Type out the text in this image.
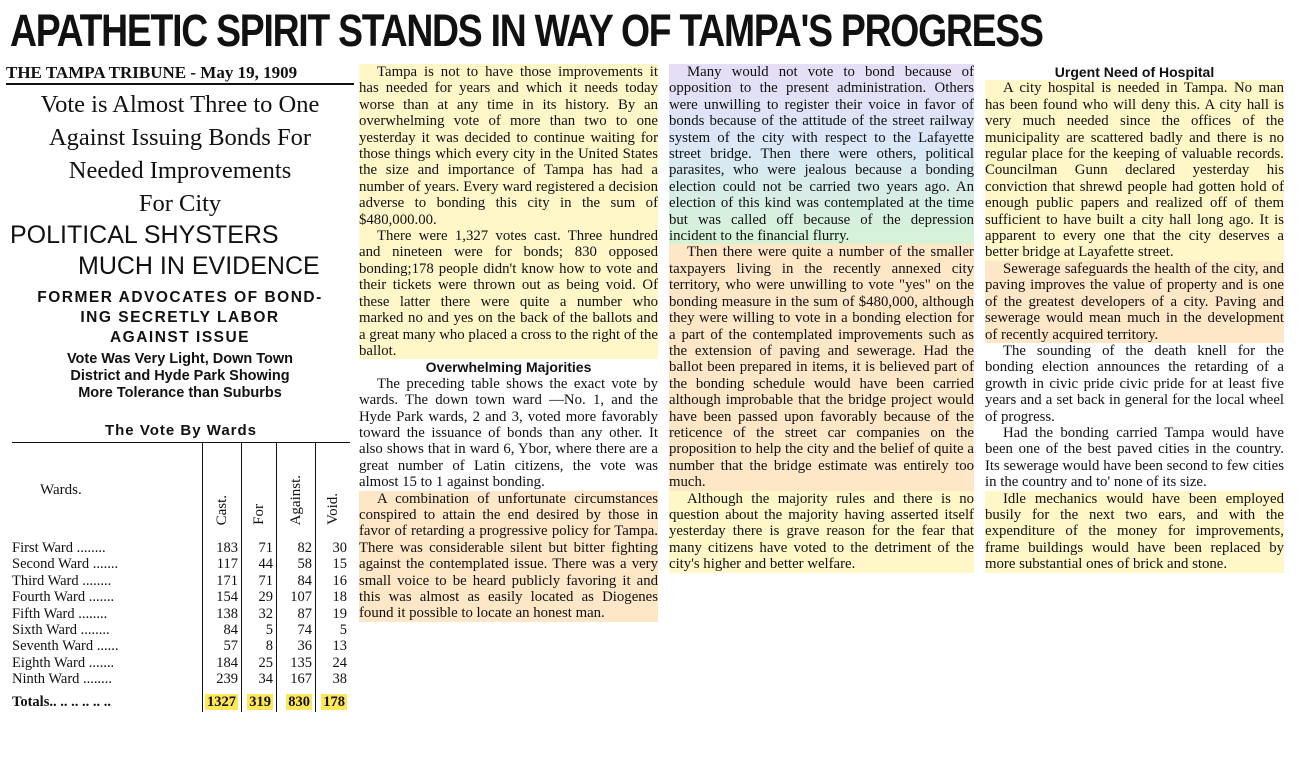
APATHETIC SPIRIT STANDS IN WAY OF TAMPA'S PROGRESS
THE TAMPA TRIBUNE - May 19, 1909
Vote is Almost Three to One
Against Issuing Bonds For
Needed Improvements
For City
POLITICAL SHYSTERS
MUCH IN EVIDENCE
FORMER ADVOCATES OF BOND-
ING SECRETLY LABOR
AGAINST ISSUE
Vote Was Very Light, Down Town
District and Hyde Park Showing
More Tolerance than Suburbs
The Vote By Wards
Wards.	Cast.	For	Against.	Void.
First Ward ........	183	71	82	30
Second Ward .......	117	44	58	15
Third Ward ........	171	71	84	16
Fourth Ward .......	154	29	107	18
Fifth Ward ........	138	32	87	19
Sixth Ward ........	84	5	74	5
Seventh Ward ......	57	8	36	13
Eighth Ward .......	184	25	135	24
Ninth Ward ........	239	34	167	38
Totals.. .. .. .. .. ..	1327	319	830	178

Tampa is not to have those improvements it has needed for years and which it needs today worse than at any time in its history. By an overwhelming vote of more than two to one yesterday it was decided to continue waiting for those things which every city in the United States the size and importance of Tampa has had a number of years. Every ward registered a decision adverse to bonding this city in the sum of $480,000.00.

There were 1,327 votes cast. Three hundred and nineteen were for bonds; 830 opposed bonding;178 people didn't know how to vote and their tickets were thrown out as being void. Of these latter there were quite a number who marked no and yes on the back of the ballots and a great many who placed a cross to the right of the ballot.

Overwhelming Majorities

The preceding table shows the exact vote by wards. The down town ward —No. 1, and the Hyde Park wards, 2 and 3, voted more favorably toward the issuance of bonds than any other. It also shows that in ward 6, Ybor, where there are a great number of Latin citizens, the vote was almost 15 to 1 against bonding.

A combination of unfortunate circumstances conspired to attain the end desired by those in favor of retarding a progressive policy for Tampa. There was considerable silent but bitter fighting against the contemplated issue. There was a very small voice to be heard publicly favoring it and this was almost as easily located as Diogenes found it possible to locate an honest man.

Many would not vote to bond because of opposition to the present administration. Others were unwilling to register their voice in favor of bonds because of the attitude of the street railway system of the city with respect to the Lafayette street bridge. Then there were others, political parasites, who were jealous because a bonding election could not be carried two years ago. An election of this kind was contemplated at the time but was called off because of the depression incident to the financial flurry.

Then there were quite a number of the smaller taxpayers living in the recently annexed city territory, who were unwilling to vote "yes" on the bonding measure in the sum of $480,000, although they were willing to vote in a bonding election for a part of the contemplated improvements such as the extension of paving and sewerage. Had the ballot been prepared in items, it is believed part of the bonding schedule would have been carried although improbable that the bridge project would have been passed upon favorably because of the reticence of the street car companies on the proposition to help the city and the belief of quite a number that the bridge estimate was entirely too much.

Although the majority rules and there is no question about the majority having asserted itself yesterday there is grave reason for the fear that many citizens have voted to the detriment of the city's higher and better welfare.

Urgent Need of Hospital

A city hospital is needed in Tampa. No man has been found who will deny this. A city hall is very much needed since the offices of the municipality are scattered badly and there is no regular place for the keeping of valuable records. Councilman Gunn declared yesterday his conviction that shrewd people had gotten hold of enough public papers and realized off of them sufficient to have built a city hall long ago. It is apparent to every one that the city deserves a better bridge at Layafette street.

Sewerage safeguards the health of the city, and paving improves the value of property and is one of the greatest developers of a city. Paving and sewerage would mean much in the development of recently acquired territory.

The sounding of the death knell for the bonding election announces the retarding of a growth in civic pride civic pride for at least five years and a set back in general for the local wheel of progress.

Had the bonding carried Tampa would have been one of the best paved cities in the country. Its sewerage would have been second to few cities in the country and to' none of its size.

Idle mechanics would have been employed busily for the next two ears, and with the expenditure of the money for improvements, frame buildings would have been replaced by more substantial ones of brick and stone.
